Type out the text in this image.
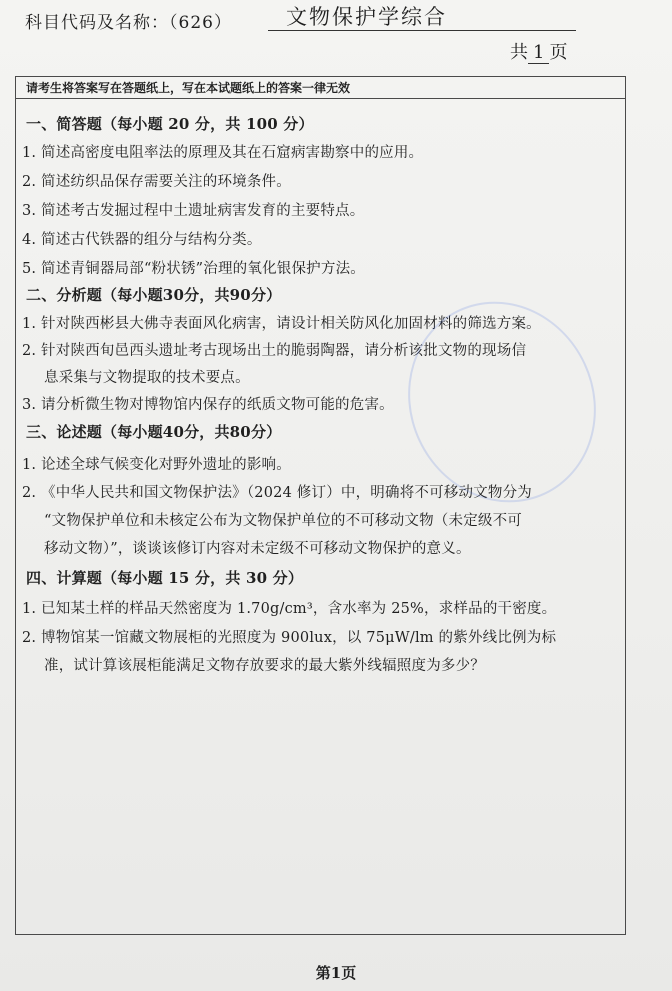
科目代码及名称：（626）	文物保护学综合
共 1 页
请考生将答案写在答题纸上，写在本试题纸上的答案一律无效
一、简答题（每小题 20 分，共 100 分）
1. 简述高密度电阻率法的原理及其在石窟病害勘察中的应用。
2. 简述纺织品保存需要关注的环境条件。
3. 简述考古发掘过程中土遗址病害发育的主要特点。
4. 简述古代铁器的组分与结构分类。
5. 简述青铜器局部“粉状锈”治理的氧化银保护方法。
二、分析题（每小题30分，共90分）
1. 针对陕西彬县大佛寺表面风化病害，请设计相关防风化加固材料的筛选方案。
2. 针对陕西旬邑西头遗址考古现场出土的脆弱陶器，请分析该批文物的现场信
息采集与文物提取的技术要点。
3. 请分析微生物对博物馆内保存的纸质文物可能的危害。
三、论述题（每小题40分，共80分）
1. 论述全球气候变化对野外遗址的影响。
2. 《中华人民共和国文物保护法》（2024 修订）中，明确将不可移动文物分为
“文物保护单位和未核定公布为文物保护单位的不可移动文物（未定级不可
移动文物）”，谈谈该修订内容对未定级不可移动文物保护的意义。
四、计算题（每小题 15 分，共 30 分）
1. 已知某土样的样品天然密度为 1.70g/cm³，含水率为 25%，求样品的干密度。
2. 博物馆某一馆藏文物展柜的光照度为 900lux，以 75μW/lm 的紫外线比例为标
准，试计算该展柜能满足文物存放要求的最大紫外线辐照度为多少？
第1页
